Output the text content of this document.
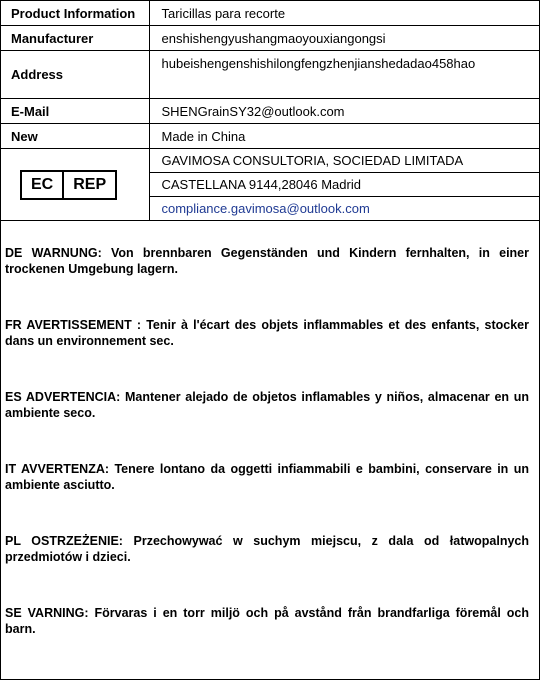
Product Information	Taricillas para recorte
Manufacturer	enshishengyushangmaoyouxiangongsi
Address	hubeishengenshishilongfengzhenjianshedadao458hao
E-Mail	SHENGrainSY32@outlook.com
New	Made in China

EC REP	GAVIMOSA CONSULTORIA, SOCIEDAD LIMITADA
	CASTELLANA 9144,28046 Madrid
	compliance.gavimosa@outlook.com

DE WARNUNG: Von brennbaren Gegenständen und Kindern fernhalten, in einer trockenen Umgebung lagern.

FR AVERTISSEMENT : Tenir à l'écart des objets inflammables et des enfants, stocker dans un environnement sec.

ES ADVERTENCIA: Mantener alejado de objetos inflamables y niños, almacenar en un ambiente seco.

IT AVVERTENZA: Tenere lontano da oggetti infiammabili e bambini, conservare in un ambiente asciutto.

PL OSTRZEŻENIE: Przechowywać w suchym miejscu, z dala od łatwopalnych przedmiotów i dzieci.

SE VARNING: Förvaras i en torr miljö och på avstånd från brandfarliga föremål och barn.
